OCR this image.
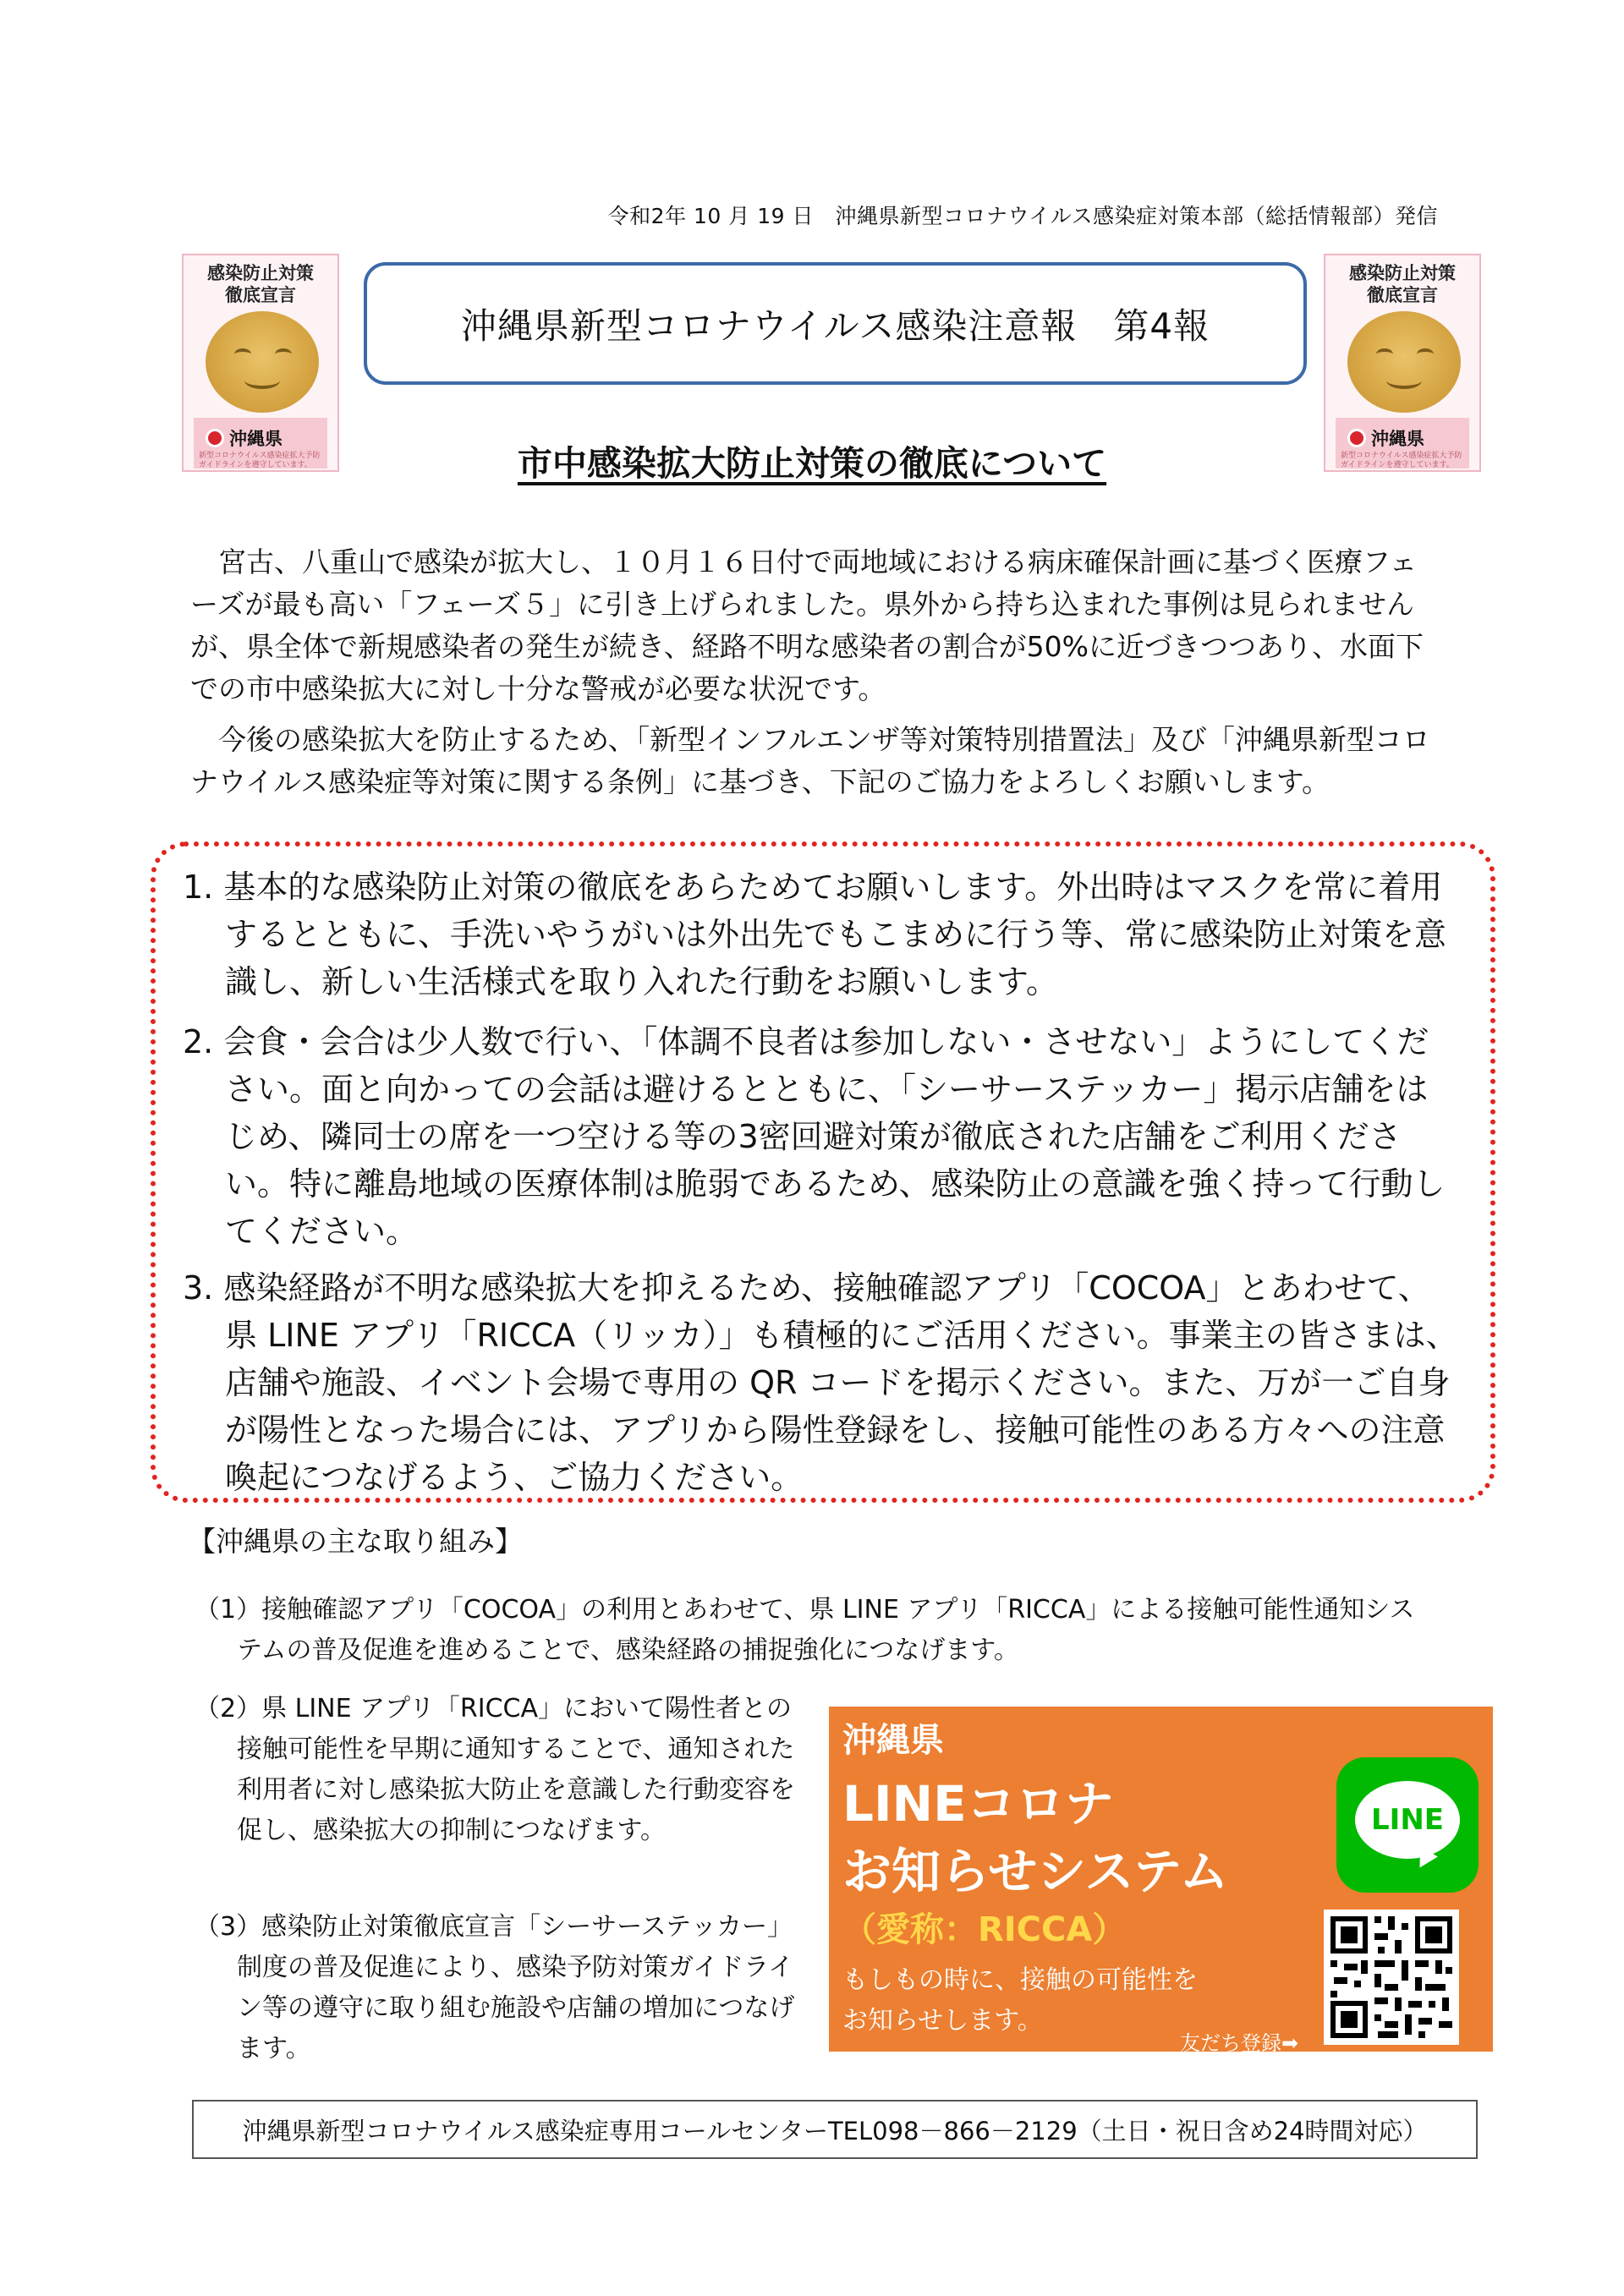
令和2年 10 月 19 日　沖縄県新型コロナウイルス感染症対策本部（総括情報部）発信
感染防止対策
徹底宣言
沖縄県
新型コロナウイルス感染症拡大予防ガイドラインを遵守しています。
沖縄県新型コロナウイルス感染注意報　第4報
感染防止対策
徹底宣言
沖縄県
新型コロナウイルス感染症拡大予防ガイドラインを遵守しています。
市中感染拡大防止対策の徹底について
　宮古、八重山で感染が拡大し、１０月１６日付で両地域における病床確保計画に基づく医療フェーズが最も高い「フェーズ５」に引き上げられました。県外から持ち込まれた事例は見られませんが、県全体で新規感染者の発生が続き、経路不明な感染者の割合が50%に近づきつつあり、水面下での市中感染拡大に対し十分な警戒が必要な状況です。
　今後の感染拡大を防止するため、「新型インフルエンザ等対策特別措置法」及び「沖縄県新型コロナウイルス感染症等対策に関する条例」に基づき、下記のご協力をよろしくお願いします。
1. 基本的な感染防止対策の徹底をあらためてお願いします。外出時はマスクを常に着用するとともに、手洗いやうがいは外出先でもこまめに行う等、常に感染防止対策を意識し、新しい生活様式を取り入れた行動をお願いします。
2. 会食・会合は少人数で行い、「体調不良者は参加しない・させない」ようにしてください。面と向かっての会話は避けるとともに、「シーサーステッカー」掲示店舗をはじめ、隣同士の席を一つ空ける等の3密回避対策が徹底された店舗をご利用ください。特に離島地域の医療体制は脆弱であるため、感染防止の意識を強く持って行動してください。
3. 感染経路が不明な感染拡大を抑えるため、接触確認アプリ「COCOA」とあわせて、県 LINE アプリ「RICCA（リッカ）」も積極的にご活用ください。事業主の皆さまは、店舗や施設、イベント会場で専用の QR コードを掲示ください。また、万が一ご自身が陽性となった場合には、アプリから陽性登録をし、接触可能性のある方々への注意喚起につなげるよう、ご協力ください。
【沖縄県の主な取り組み】
（1）接触確認アプリ「COCOA」の利用とあわせて、県 LINE アプリ「RICCA」による接触可能性通知システムの普及促進を進めることで、感染経路の捕捉強化につなげます。
（2）県 LINE アプリ「RICCA」において陽性者との接触可能性を早期に通知することで、通知された利用者に対し感染拡大防止を意識した行動変容を促し、感染拡大の抑制につなげます。
（3）感染防止対策徹底宣言「シーサーステッカー」制度の普及促進により、感染予防対策ガイドライン等の遵守に取り組む施設や店舗の増加につなげます。
沖縄県
LINEコロナ
お知らせシステム
（愛称：RICCA）
もしもの時に、接触の可能性を
お知らせします。
友だち登録➡
LINE
沖縄県新型コロナウイルス感染症専用コールセンターTEL098－866－2129（土日・祝日含め24時間対応）
